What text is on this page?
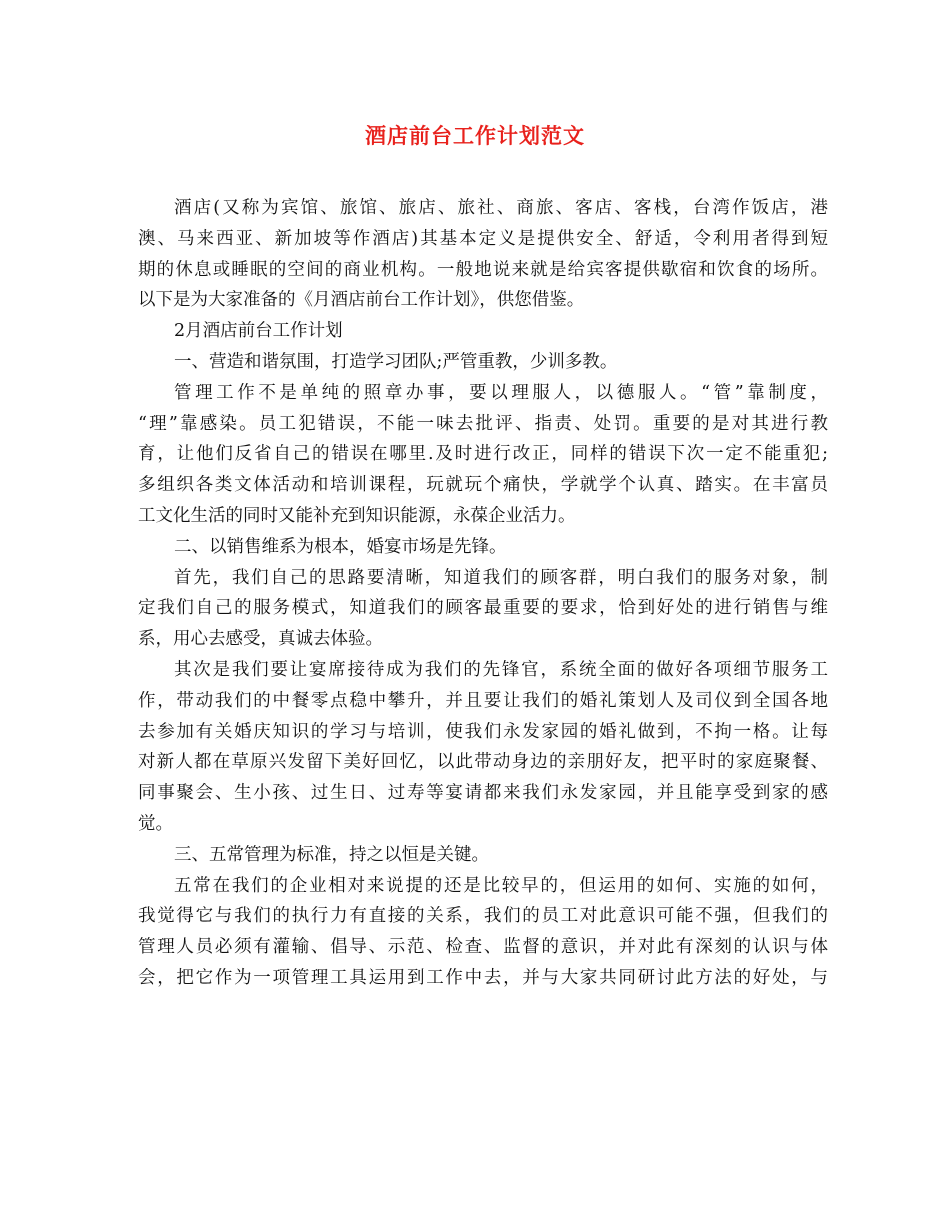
酒店前台工作计划范文
酒店(又称为宾馆、旅馆、旅店、旅社、商旅、客店、客栈，台湾作饭店，港
澳、马来西亚、新加坡等作酒店)其基本定义是提供安全、舒适，令利用者得到短
期的休息或睡眠的空间的商业机构。一般地说来就是给宾客提供歇宿和饮食的场所。
以下是为大家准备的《月酒店前台工作计划》，供您借鉴。
2月酒店前台工作计划
一、营造和谐氛围，打造学习团队;严管重教，少训多教。
管理工作不是单纯的照章办事，要以理服人，以德服人。“管”靠制度，
“理”靠感染。员工犯错误，不能一味去批评、指责、处罚。重要的是对其进行教
育，让他们反省自己的错误在哪里.及时进行改正，同样的错误下次一定不能重犯;
多组织各类文体活动和培训课程，玩就玩个痛快，学就学个认真、踏实。在丰富员
工文化生活的同时又能补充到知识能源，永葆企业活力。
二、以销售维系为根本，婚宴市场是先锋。
首先，我们自己的思路要清晰，知道我们的顾客群，明白我们的服务对象，制
定我们自己的服务模式，知道我们的顾客最重要的要求，恰到好处的进行销售与维
系，用心去感受，真诚去体验。
其次是我们要让宴席接待成为我们的先锋官，系统全面的做好各项细节服务工
作，带动我们的中餐零点稳中攀升，并且要让我们的婚礼策划人及司仪到全国各地
去参加有关婚庆知识的学习与培训，使我们永发家园的婚礼做到，不拘一格。让每
对新人都在草原兴发留下美好回忆，以此带动身边的亲朋好友，把平时的家庭聚餐、
同事聚会、生小孩、过生日、过寿等宴请都来我们永发家园，并且能享受到家的感
觉。
三、五常管理为标准，持之以恒是关键。
五常在我们的企业相对来说提的还是比较早的，但运用的如何、实施的如何，
我觉得它与我们的执行力有直接的关系，我们的员工对此意识可能不强，但我们的
管理人员必须有灌输、倡导、示范、检查、监督的意识，并对此有深刻的认识与体
会，把它作为一项管理工具运用到工作中去，并与大家共同研讨此方法的好处，与
